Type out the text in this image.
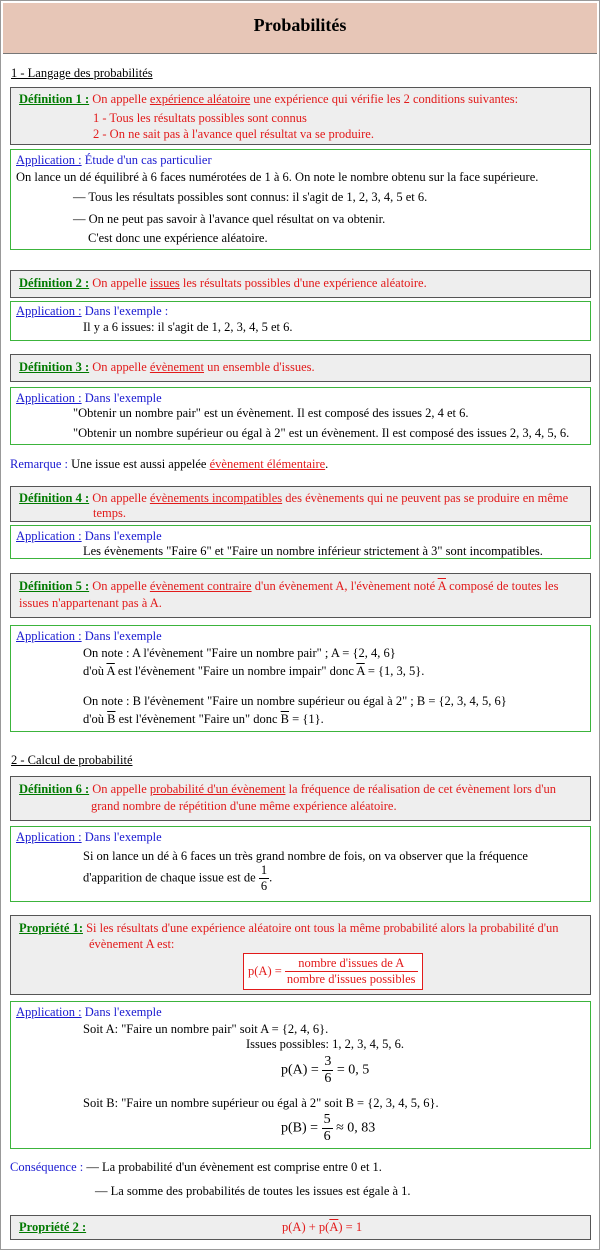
Probabilités
1 - Langage des probabilités
Définition 1 : On appelle expérience aléatoire une expérience qui vérifie les 2 conditions suivantes:
1 - Tous les résultats possibles sont connus
2 - On ne sait pas à l'avance quel résultat va se produire.
Application : Étude d'un cas particulier
On lance un dé équilibré à 6 faces numérotées de 1 à 6. On note le nombre obtenu sur la face supérieure.
— Tous les résultats possibles sont connus: il s'agit de 1, 2, 3, 4, 5 et 6.
— On ne peut pas savoir à l'avance quel résultat on va obtenir.
C'est donc une expérience aléatoire.
Définition 2 : On appelle issues les résultats possibles d'une expérience aléatoire.
Application : Dans l'exemple :
Il y a 6 issues: il s'agit de 1, 2, 3, 4, 5 et 6.
Définition 3 : On appelle évènement un ensemble d'issues.
Application : Dans l'exemple
"Obtenir un nombre pair" est un évènement. Il est composé des issues 2, 4 et 6.
"Obtenir un nombre supérieur ou égal à 2" est un évènement. Il est composé des issues 2, 3, 4, 5, 6.
Remarque : Une issue est aussi appelée évènement élémentaire.
Définition 4 : On appelle évènements incompatibles des évènements qui ne peuvent pas se produire en même
temps.
Application : Dans l'exemple
Les évènements "Faire 6" et "Faire un nombre inférieur strictement à 3" sont incompatibles.
Définition 5 : On appelle évènement contraire d'un évènement A, l'évènement noté $\overline{A}$ composé de toutes les
issues n'appartenant pas à A.
Application : Dans l'exemple
On note : A l'évènement "Faire un nombre pair" ; A = {2, 4, 6}
d'où $\overline{A}$ est l'évènement "Faire un nombre impair" donc $\overline{A} = \{1$, 3, 5}.
On note : B l'évènement "Faire un nombre supérieur ou égal à 2" ; B = {2, 3, 4, 5, 6}
d'où $\overline{B}$ est l'évènement "Faire un" donc $\overline{B} = \{1\}$.
2 - Calcul de probabilité
Définition 6 : On appelle probabilité d'un évènement la fréquence de réalisation de cet évènement lors d'un
grand nombre de répétition d'une même expérience aléatoire.
Application : Dans l'exemple
Si on lance un dé à 6 faces un très grand nombre de fois, on va observer que la fréquence
d'apparition de chaque issue est de $\frac{1}{6}$ .
Propriété 1: Si les résultats d'une expérience aléatoire ont tous la même probabilité alors la probabilité d'un
évènement A est:
$p(A) = \frac{\text{nombre d'issues de A}}{\text{nombre d'issues possibles}}$
Application : Dans l'exemple
Soit A: "Faire un nombre pair" soit A = {2, 4, 6}.
Issues possibles: 1, 2, 3, 4, 5, 6.
$p(A) = \frac{3}{6} = 0$, 5
Soit B: "Faire un nombre supérieur ou égal à 2" soit B = {2, 3, 4, 5, 6}.
$p(B) = \frac{5}{6} \approx 0$, 83
Conséquence : — La probabilité d'un évènement est comprise entre 0 et 1.
— La somme des probabilités de toutes les issues est égale à 1.
Propriété 2 :	$p(A) + p(\overline{A}) = 1$
